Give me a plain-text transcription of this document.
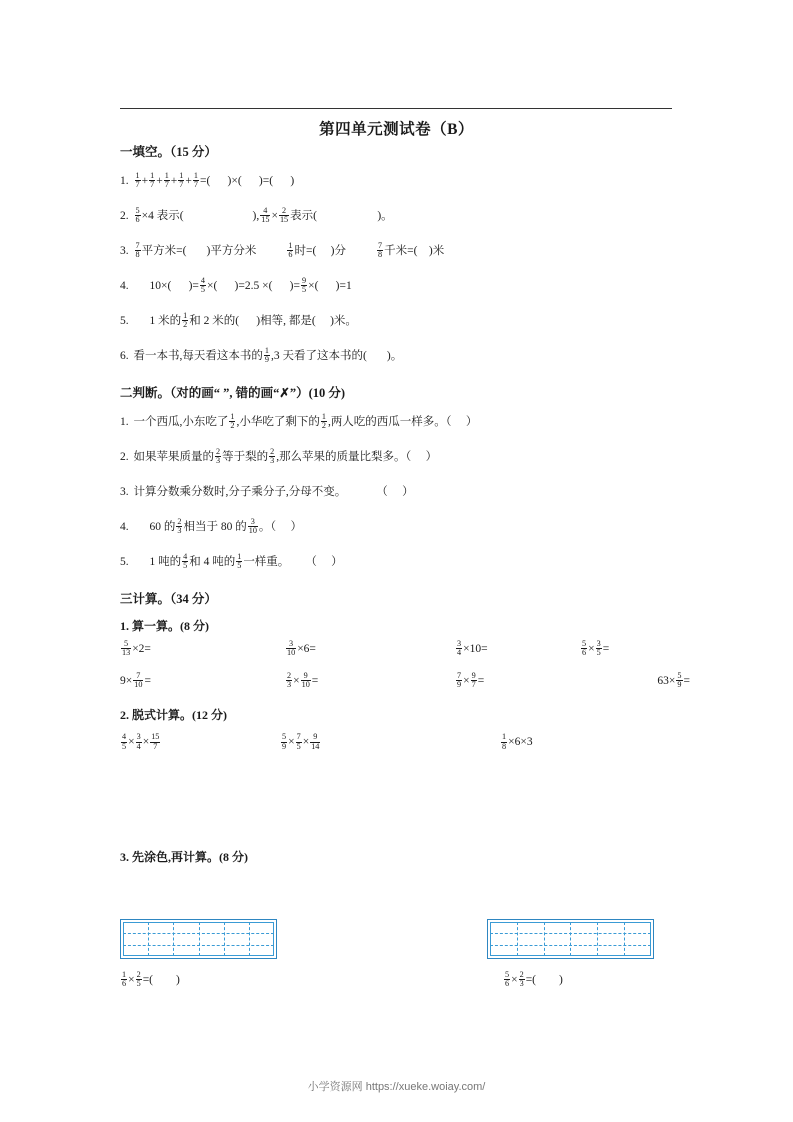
第四单元测试卷（B）
一填空。（15 分）
1. $\frac{1}{7} + \frac{1}{7} + \frac{1}{7} + \frac{1}{7} + \frac{1}{7}$ =(      )×(      )=(      )
2. $\frac{5}{6} \times 4$ 表示(                        ), $\frac{4}{15} \times \frac{2}{15}$ 表示(                     )。
3. $\frac{7}{8}$ 平方米=(       )平方分米	$\frac{1}{6}$ 时=(     )分	$\frac{7}{8}$ 千米=(    )米
4. 10×(      )= $\frac{4}{5}$ ×(      )=2.5 ×(      )= $\frac{9}{5}$ ×(      )=1
5. 1 米的 $\frac{1}{2}$ 和 2 米的(      )相等, 都是(     )米。
6. 看一本书,每天看这本书的 $\frac{1}{9} ,3$ 天看了这本书的(       )。
二判断。（对的画“ ”, 错的画“✗”）(10 分)
1. 一个西瓜,小东吃了 $\frac{1}{2}$ ,小华吃了剩下的 $\frac{1}{2}$ ,两人吃的西瓜一样多。（     ）
2. 如果苹果质量的 $\frac{2}{3}$ 等于梨的 $\frac{2}{3}$ ,那么苹果的质量比梨多。（     ）
3. 计算分数乘分数时,分子乘分子,分母不变。	（     ）
4. 60 的 $\frac{2}{3}$ 相当于 80 的 $\frac{3}{10}$ 。（     ）
5. 1 吨的 $\frac{4}{5}$ 和 4 吨的 $\frac{1}{5}$ 一样重。 （     ）
三计算。（34 分）
1. 算一算。(8 分)
$\frac{5}{13} \times 2=$	$\frac{3}{10} \times 6=$	$\frac{3}{4} \times 10=$	$\frac{5}{6} \times \frac{3}{5}$ =
$9\times \frac{7}{10}$ =	$\frac{2}{3} \times \frac{9}{10}$ =	$\frac{7}{9} \times \frac{9}{7}$ =	$63\times \frac{5}{9}$ =
2. 脱式计算。(12 分)
$\frac{4}{5} \times \frac{3}{4} \times \frac{15}{7}$	$\frac{5}{9} \times \frac{7}{5} \times \frac{9}{14}$	$\frac{1}{8} \times 6\times 3$
3. 先涂色,再计算。(8 分)
$\frac{1}{6} \times \frac{2}{5}$ =(        )	$\frac{5}{6} \times \frac{2}{3}$ =(        )
小学资源网 https://xueke.woiay.com/
